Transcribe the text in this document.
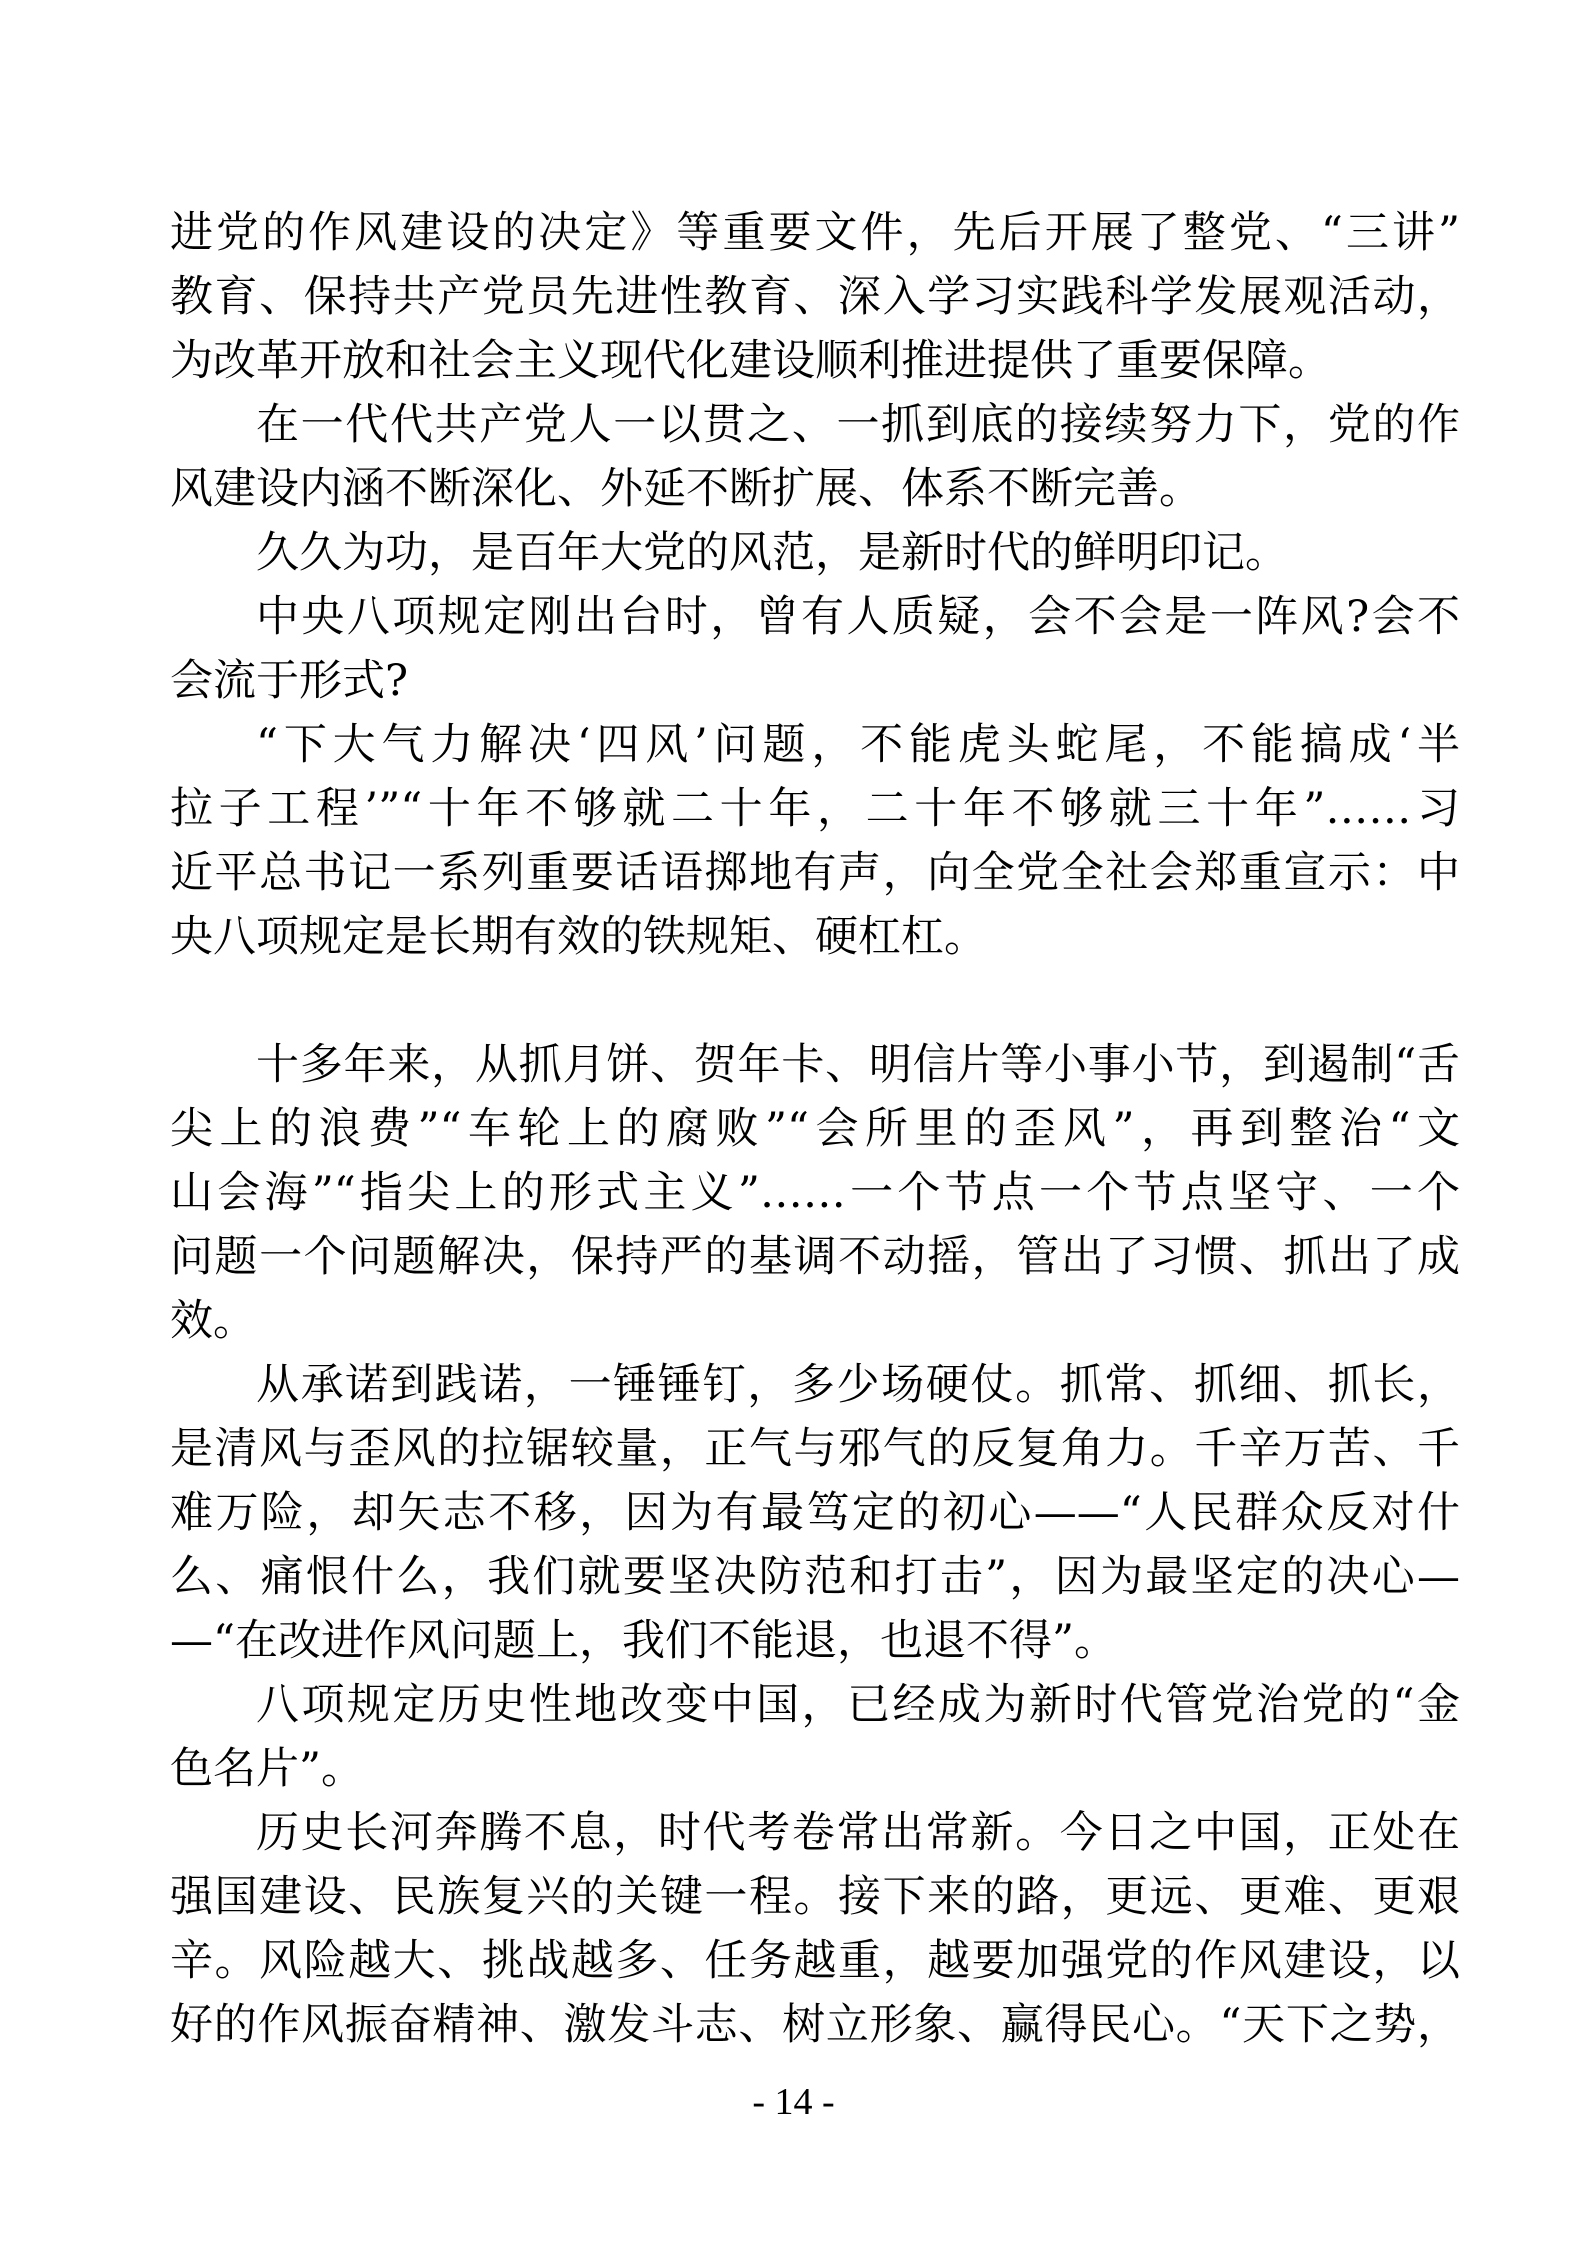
进党的作风建设的决定》等重要文件，先后开展了整党、“三讲”
教育、保持共产党员先进性教育、深入学习实践科学发展观活动，
为改革开放和社会主义现代化建设顺利推进提供了重要保障。
在一代代共产党人一以贯之、一抓到底的接续努力下，党的作
风建设内涵不断深化、外延不断扩展、体系不断完善。
久久为功，是百年大党的风范，是新时代的鲜明印记。
中央八项规定刚出台时，曾有人质疑，会不会是一阵风?会不
会流于形式?
“下大气力解决‘四风’问题，不能虎头蛇尾，不能搞成‘半
拉子工程’”“十年不够就二十年，二十年不够就三十年”……习
近平总书记一系列重要话语掷地有声，向全党全社会郑重宣示：中
央八项规定是长期有效的铁规矩、硬杠杠。
十多年来，从抓月饼、贺年卡、明信片等小事小节，到遏制“舌
尖上的浪费”“车轮上的腐败”“会所里的歪风”，再到整治“文
山会海”“指尖上的形式主义”……一个节点一个节点坚守、一个
问题一个问题解决，保持严的基调不动摇，管出了习惯、抓出了成
效。
从承诺到践诺，一锤锤钉，多少场硬仗。抓常、抓细、抓长，
是清风与歪风的拉锯较量，正气与邪气的反复角力。千辛万苦、千
难万险，却矢志不移，因为有最笃定的初心——“人民群众反对什
么、痛恨什么，我们就要坚决防范和打击”，因为最坚定的决心—
—“在改进作风问题上，我们不能退，也退不得”。
八项规定历史性地改变中国，已经成为新时代管党治党的“金
色名片”。
历史长河奔腾不息，时代考卷常出常新。今日之中国，正处在
强国建设、民族复兴的关键一程。接下来的路，更远、更难、更艰
辛。风险越大、挑战越多、任务越重，越要加强党的作风建设，以
好的作风振奋精神、激发斗志、树立形象、赢得民心。“天下之势，
- 14 -
